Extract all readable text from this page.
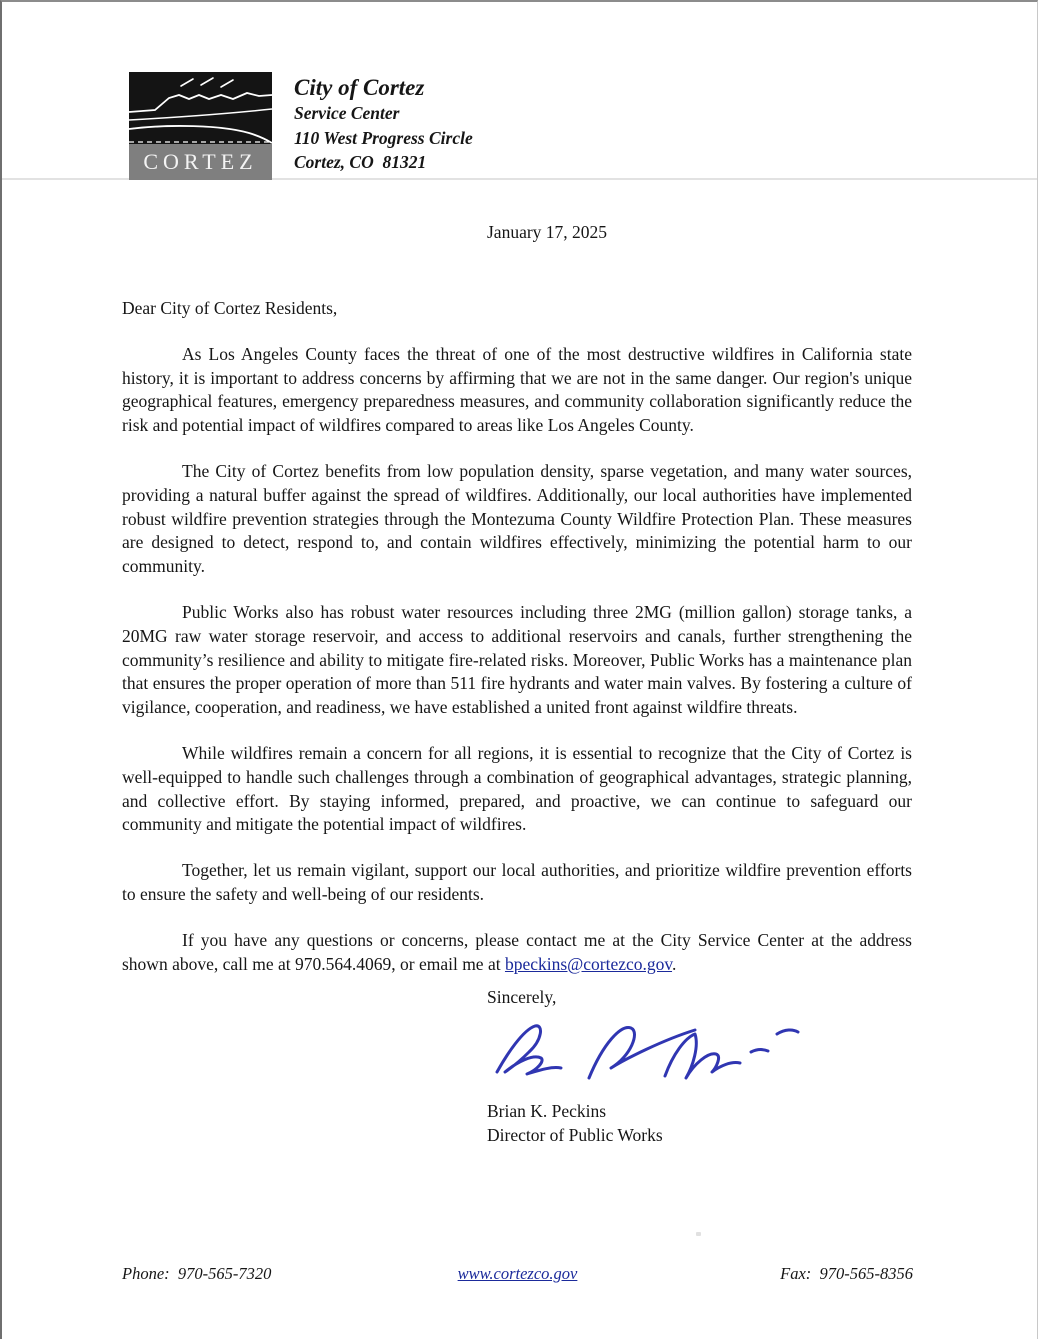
CORTEZ
City of Cortez
Service Center
110 West Progress Circle
Cortez, CO  81321
January 17, 2025
Dear City of Cortez Residents,

As Los Angeles County faces the threat of one of the most destructive wildfires in California state history, it is important to address concerns by affirming that we are not in the same danger. Our region's unique geographical features, emergency preparedness measures, and community collaboration significantly reduce the risk and potential impact of wildfires compared to areas like Los Angeles County.

The City of Cortez benefits from low population density, sparse vegetation, and many water sources, providing a natural buffer against the spread of wildfires. Additionally, our local authorities have implemented robust wildfire prevention strategies through the Montezuma County Wildfire Protection Plan. These measures are designed to detect, respond to, and contain wildfires effectively, minimizing the potential harm to our community.

Public Works also has robust water resources including three 2MG (million gallon) storage tanks, a 20MG raw water storage reservoir, and access to additional reservoirs and canals, further strengthening the community’s resilience and ability to mitigate fire-related risks. Moreover, Public Works has a maintenance plan that ensures the proper operation of more than 511 fire hydrants and water main valves. By fostering a culture of vigilance, cooperation, and readiness, we have established a united front against wildfire threats.

While wildfires remain a concern for all regions, it is essential to recognize that the City of Cortez is well-equipped to handle such challenges through a combination of geographical advantages, strategic planning, and collective effort. By staying informed, prepared, and proactive, we can continue to safeguard our community and mitigate the potential impact of wildfires.

Together, let us remain vigilant, support our local authorities, and prioritize wildfire prevention efforts to ensure the safety and well-being of our residents.

If you have any questions or concerns, please contact me at the City Service Center at the address shown above, call me at 970.564.4069, or email me at bpeckins@cortezco.gov.

Sincerely,
Brian K. Peckins
Director of Public Works
Phone:  970-565-7320	www.cortezco.gov	Fax:  970-565-8356
